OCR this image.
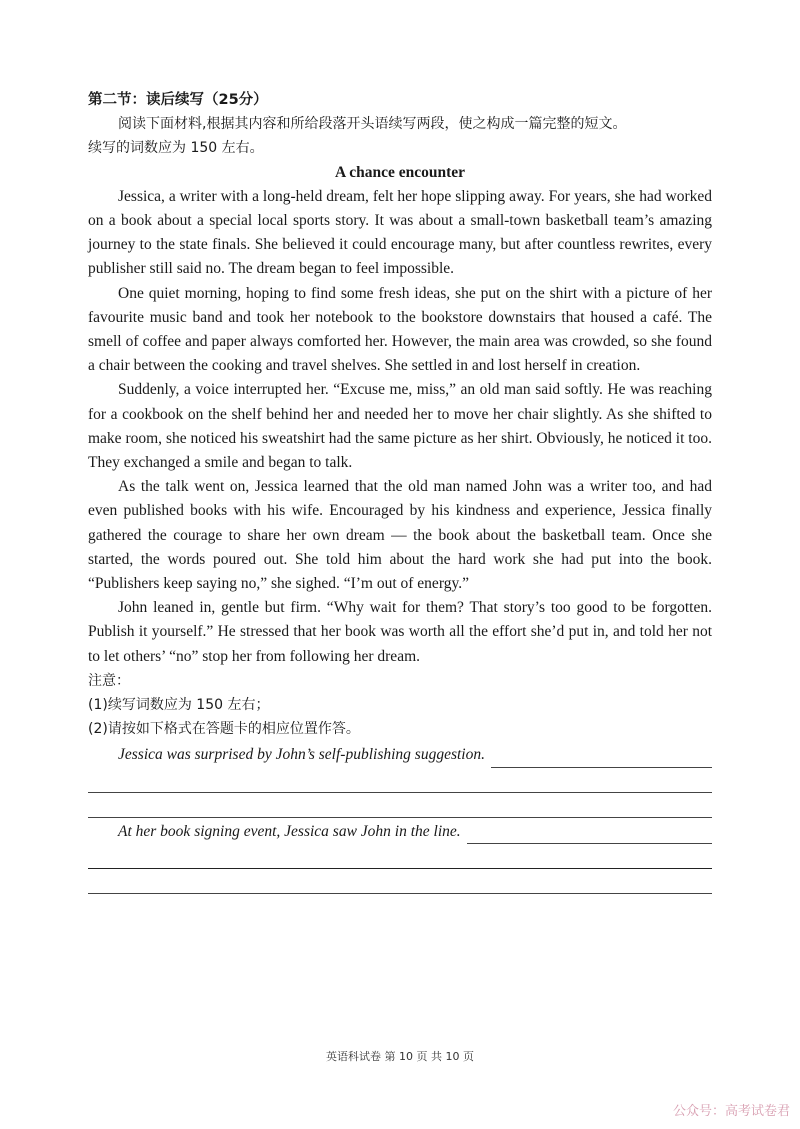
第二节：读后续写（25分）

阅读下面材料,根据其内容和所给段落开头语续写两段，使之构成一篇完整的短文。

续写的词数应为 150 左右。

A chance encounter

Jessica, a writer with a long-held dream, felt her hope slipping away. For years, she had worked on a book about a special local sports story. It was about a small-town basketball team’s amazing journey to the state finals. She believed it could encourage many, but after countless rewrites, every publisher still said no. The dream began to feel impossible.

One quiet morning, hoping to find some fresh ideas, she put on the shirt with a picture of her favourite music band and took her notebook to the bookstore downstairs that housed a café. The smell of coffee and paper always comforted her. However, the main area was crowded, so she found a chair between the cooking and travel shelves. She settled in and lost herself in creation.

Suddenly, a voice interrupted her. “Excuse me, miss,” an old man said softly. He was reaching for a cookbook on the shelf behind her and needed her to move her chair slightly. As she shifted to make room, she noticed his sweatshirt had the same picture as her shirt. Obviously, he noticed it too. They exchanged a smile and began to talk.

As the talk went on, Jessica learned that the old man named John was a writer too, and had even published books with his wife. Encouraged by his kindness and experience, Jessica finally gathered the courage to share her own dream — the book about the basketball team. Once she started, the words poured out. She told him about the hard work she had put into the book. “Publishers keep saying no,” she sighed. “I’m out of energy.”

John leaned in, gentle but firm. “Why wait for them? That story’s too good to be forgotten. Publish it yourself.” He stressed that her book was worth all the effort she’d put in, and told her not to let others’ “no” stop her from following her dream.

注意：
(1)续写词数应为 150 左右；
(2)请按如下格式在答题卡的相应位置作答。
Jessica was surprised by John’s self-publishing suggestion.
At her book signing event, Jessica saw John in the line.
英语科试卷 第 10 页 共 10 页
公众号：高考试卷君
